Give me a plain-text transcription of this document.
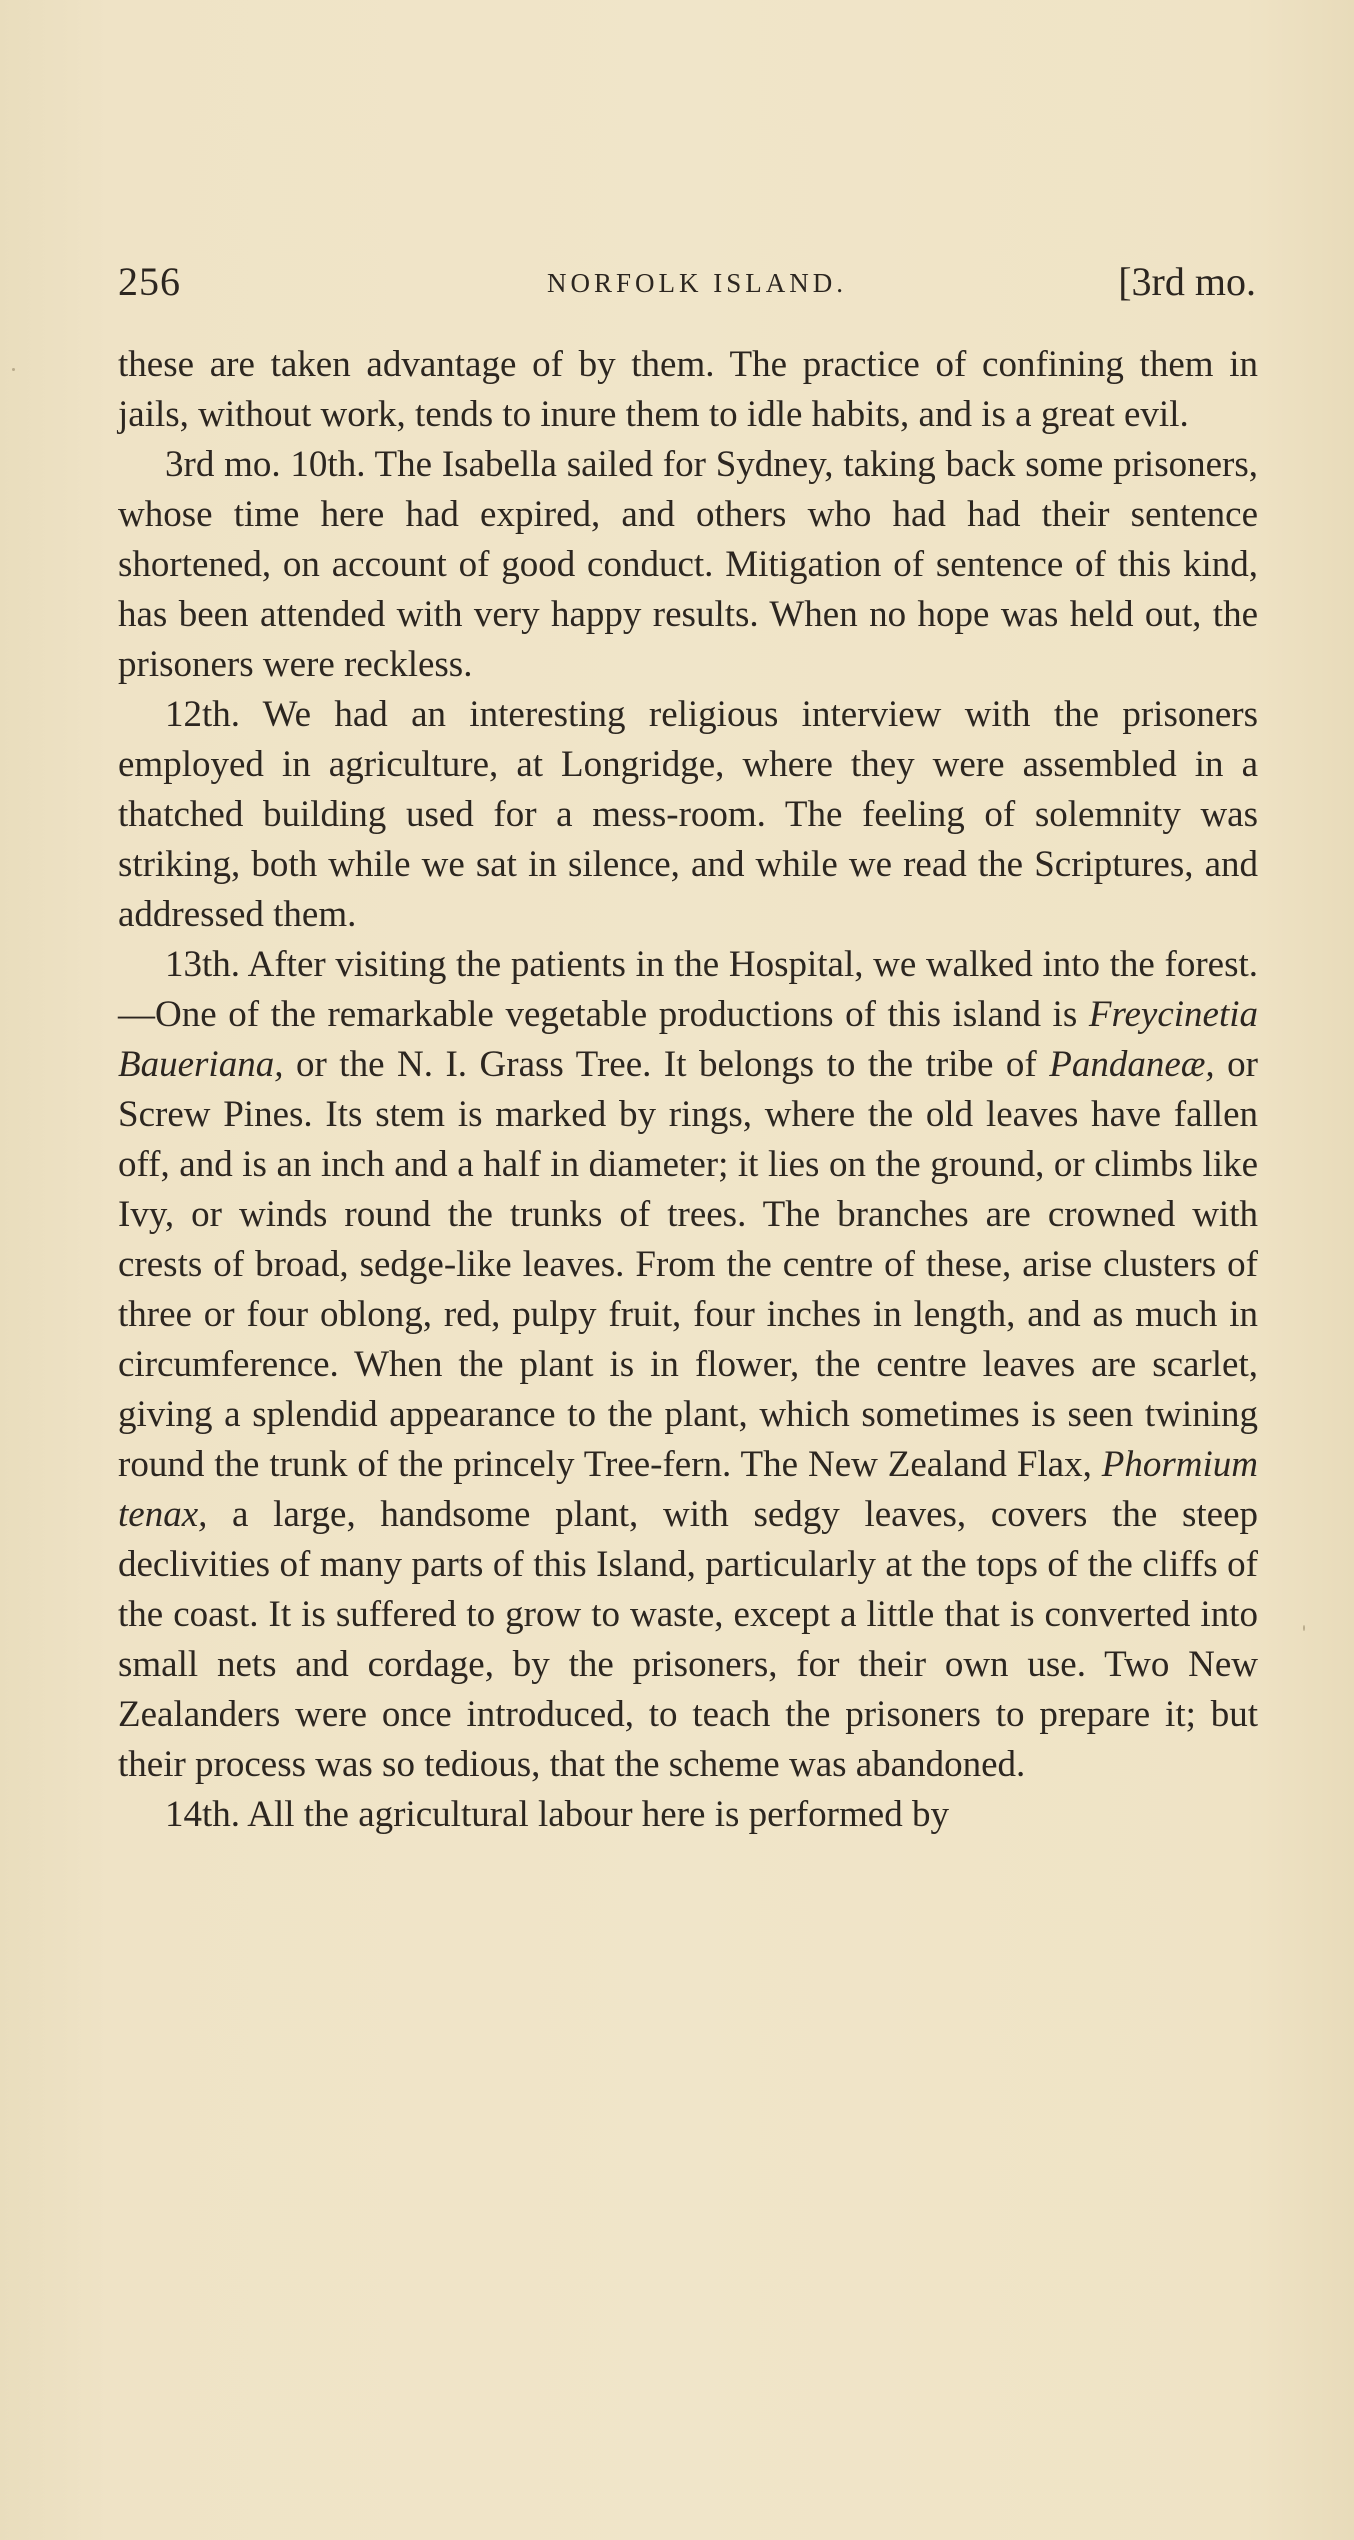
256	NORFOLK ISLAND.	[3rd mo.

these are taken advantage of by them. The practice of confining them in jails, without work, tends to inure them to idle habits, and is a great evil.

3rd mo. 10th. The Isabella sailed for Sydney, taking back some prisoners, whose time here had expired, and others who had had their sentence shortened, on account of good conduct. Mitigation of sentence of this kind, has been attended with very happy results. When no hope was held out, the prisoners were reckless.

12th. We had an interesting religious interview with the prisoners employed in agriculture, at Longridge, where they were assembled in a thatched building used for a mess-room. The feeling of solemnity was striking, both while we sat in silence, and while we read the Scriptures, and addressed them.

13th. After visiting the patients in the Hospital, we walked into the forest.—One of the remarkable vegetable productions of this island is Freycinetia Baueriana, or the N. I. Grass Tree. It belongs to the tribe of Pandaneæ, or Screw Pines. Its stem is marked by rings, where the old leaves have fallen off, and is an inch and a half in diameter; it lies on the ground, or climbs like Ivy, or winds round the trunks of trees. The branches are crowned with crests of broad, sedge-like leaves. From the centre of these, arise clusters of three or four oblong, red, pulpy fruit, four inches in length, and as much in circumference. When the plant is in flower, the centre leaves are scarlet, giving a splendid appearance to the plant, which sometimes is seen twining round the trunk of the princely Tree-fern. The New Zealand Flax, Phormium tenax, a large, handsome plant, with sedgy leaves, covers the steep declivities of many parts of this Island, particularly at the tops of the cliffs of the coast. It is suffered to grow to waste, except a little that is converted into small nets and cordage, by the prisoners, for their own use. Two New Zealanders were once introduced, to teach the prisoners to prepare it; but their process was so tedious, that the scheme was abandoned.

14th. All the agricultural labour here is performed by
